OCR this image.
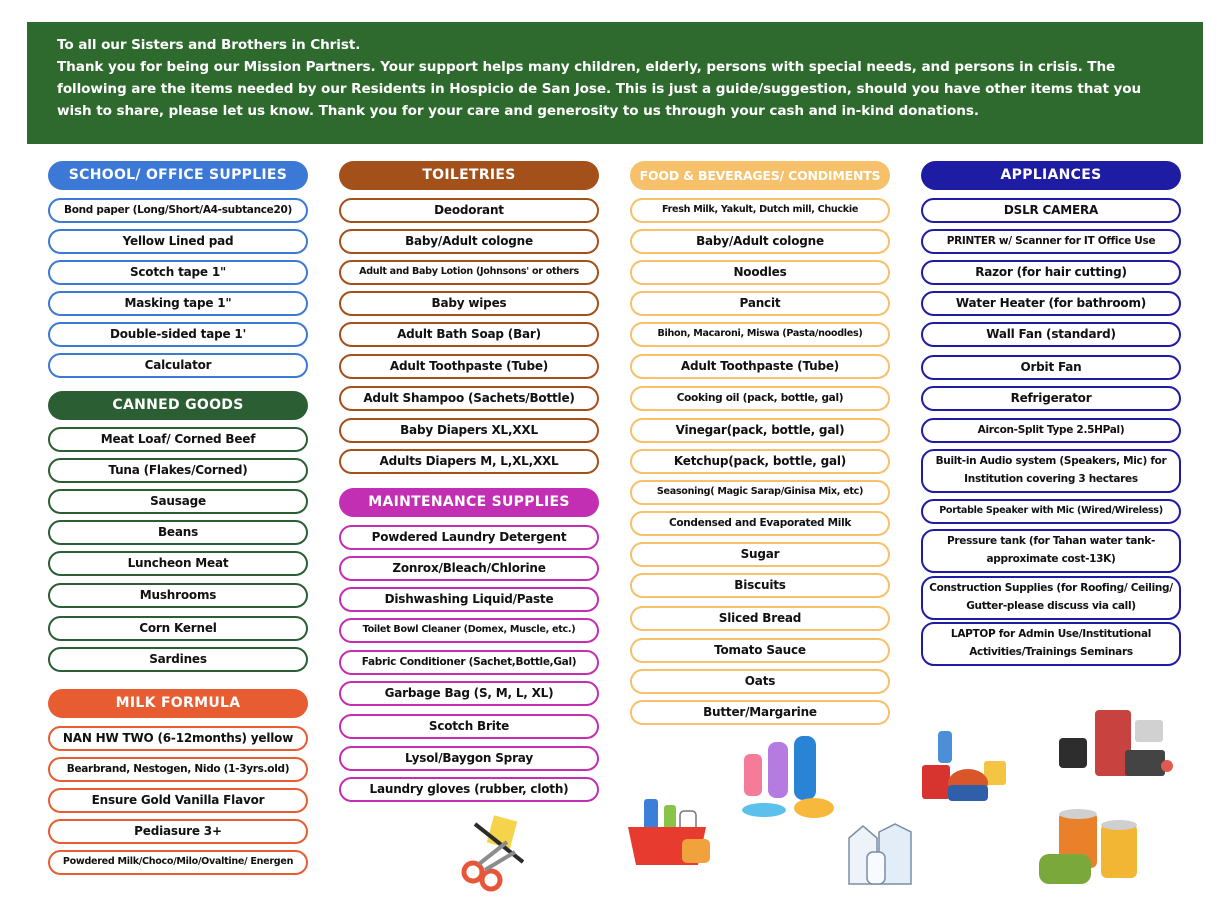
To all our Sisters and Brothers in Christ.

Thank you for being our Mission Partners. Your support helps many children, elderly, persons with special needs, and persons in crisis. The following are the items needed by our Residents in Hospicio de San Jose. This is just a guide/suggestion, should you have other items that you wish to share, please let us know. Thank you for your care and generosity to us through your cash and in-kind donations.

SCHOOL/ OFFICE SUPPLIES
Bond paper (Long/Short/A4-subtance20)
Yellow Lined pad
Scotch tape 1"
Masking tape 1"
Double-sided tape 1'
Calculator
CANNED GOODS
Meat Loaf/ Corned Beef
Tuna (Flakes/Corned)
Sausage
Beans
Luncheon Meat
Mushrooms
Corn Kernel
Sardines
MILK FORMULA
NAN HW TWO (6-12months) yellow
Bearbrand, Nestogen, Nido (1-3yrs.old)
Ensure Gold Vanilla Flavor
Pediasure 3+
Powdered Milk/Choco/Milo/Ovaltine/ Energen
TOILETRIES
Deodorant
Baby/Adult cologne
Adult and Baby Lotion (Johnsons' or others
Baby wipes
Adult Bath Soap (Bar)
Adult Toothpaste (Tube)
Adult Shampoo (Sachets/Bottle)
Baby Diapers XL,XXL
Adults Diapers M, L,XL,XXL
MAINTENANCE SUPPLIES
Powdered Laundry Detergent
Zonrox/Bleach/Chlorine
Dishwashing Liquid/Paste
Toilet Bowl Cleaner (Domex, Muscle, etc.)
Fabric Conditioner (Sachet,Bottle,Gal)
Garbage Bag (S, M, L, XL)
Scotch Brite
Lysol/Baygon Spray
Laundry gloves (rubber, cloth)
FOOD & BEVERAGES/ CONDIMENTS
Fresh Milk, Yakult, Dutch mill, Chuckie
Baby/Adult cologne
Noodles
Pancit
Bihon, Macaroni, Miswa (Pasta/noodles)
Adult Toothpaste (Tube)
Cooking oil (pack, bottle, gal)
Vinegar(pack, bottle, gal)
Ketchup(pack, bottle, gal)
Seasoning( Magic Sarap/Ginisa Mix, etc)
Condensed and Evaporated Milk
Sugar
Biscuits
Sliced Bread
Tomato Sauce
Oats
Butter/Margarine
APPLIANCES
DSLR CAMERA
PRINTER w/ Scanner for IT Office Use
Razor (for hair cutting)
Water Heater (for bathroom)
Wall Fan (standard)
Orbit Fan
Refrigerator
Aircon-Split Type 2.5HPal)
Built-in Audio system (Speakers, Mic) for Institution covering 3 hectares
Portable Speaker with Mic (Wired/Wireless)
Pressure tank (for Tahan water tank-approximate cost-13K)
Construction Supplies (for Roofing/ Ceiling/ Gutter-please discuss via call)
LAPTOP for Admin Use/Institutional Activities/Trainings Seminars
